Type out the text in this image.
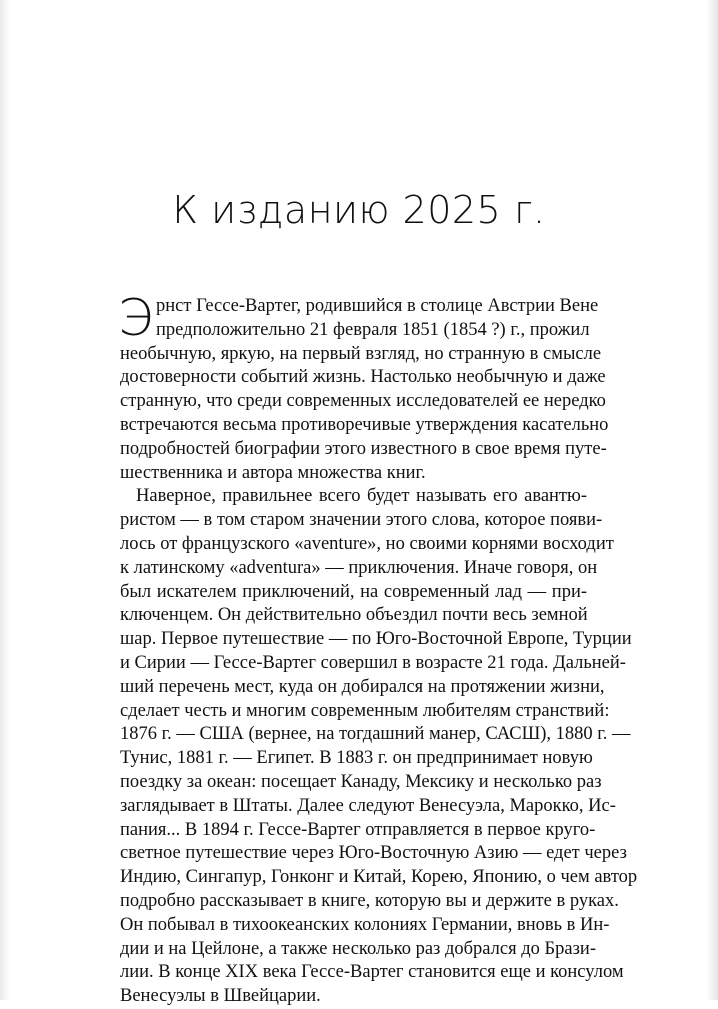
К изданию 2025 г.
Э рнст Гессе-Вартег, родившийся в столице Австрии Вене
предположительно 21 февраля 1851 (1854 ?) г., прожил
необычную, яркую, на первый взгляд, но странную в смысле
достоверности событий жизнь. Настолько необычную и даже
странную, что среди современных исследователей ее нередко
встречаются весьма противоречивые утверждения касательно
подробностей биографии этого известного в свое время путе-
шественника и автора множества книг.
Наверное, правильнее всего будет называть его авантю-
ристом — в том старом значении этого слова, которое появи-
лось от французского «aventure», но своими корнями восходит
к латинскому «adventura» — приключения. Иначе говоря, он
был искателем приключений, на современный лад — при-
ключенцем. Он действительно объездил почти весь земной
шар. Первое путешествие — по Юго-Восточной Европе, Турции
и Сирии — Гессе-Вартег совершил в возрасте 21 года. Дальней-
ший перечень мест, куда он добирался на протяжении жизни,
сделает честь и многим современным любителям странствий:
1876 г. — США (вернее, на тогдашний манер, САСШ), 1880 г. —
Тунис, 1881 г. — Египет. В 1883 г. он предпринимает новую
поездку за океан: посещает Канаду, Мексику и несколько раз
заглядывает в Штаты. Далее следуют Венесуэла, Марокко, Ис-
пания... В 1894 г. Гессе-Вартег отправляется в первое круго-
светное путешествие через Юго-Восточную Азию — едет через
Индию, Сингапур, Гонконг и Китай, Корею, Японию, о чем автор
подробно рассказывает в книге, которую вы и держите в руках.
Он побывал в тихоокеанских колониях Германии, вновь в Ин-
дии и на Цейлоне, а также несколько раз добрался до Брази-
лии. В конце XIX века Гессе-Вартег становится еще и консулом
Венесуэлы в Швейцарии.
